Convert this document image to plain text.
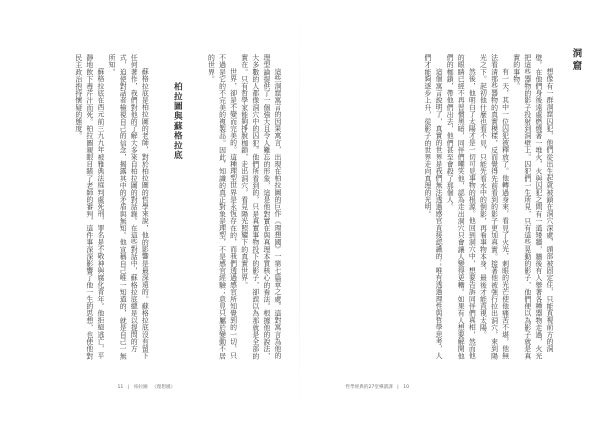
這些洞窟寓言的因果寓言，出現在柏拉圖的巨作《理想國》一第七篇章之處。這對寓言為他的理型論提供了一個強大且令人難忘的形象，這是他對實在與真理本質核心的看法。根據他的說法，大多數的人都像洞穴中的囚犯。他們所看到的，只是真實事物投下的影子，卻誤以為那就是全部的實在。只有哲學家能夠掙脫枷鎖，走出洞穴，看見陽光照耀下的真實世界。

世界，卻是不變而完美的。這種理型世界是永恆存在的，而我們透過感官所知覺到的一切，只不過是它的不完美的複製品。因此，知識的真正對象是理型，不是感官經驗；意見只屬於變動不居的世界。

柏拉圖與蘇格拉底

蘇格拉底是柏拉圖的老師，對於柏拉圖的哲學來說，他的影響是最深遠的。蘇格拉底沒有留下任何著作，我們對他的了解大多來自柏拉圖的對話錄。在這些對話中，蘇格拉底總是以提問的方式，迫使對話者檢視自己的信念，揭露其中的矛盾與無知。他宣稱自己唯一知道的，就是自己一無所知。

蘇格拉底在西元前三九九年被雅典法庭判處死刑，罪名是不敬神與腐化青年。他拒絕逃亡，平靜地飲下毒芹汁而死。柏拉圖親眼目睹了老師的審判，這件事深深影響了他一生的思想，也使他對民主政治抱持懷疑的態度。

11 | 柏拉圖 《理想國》
洞窟

想像有一群洞窟囚犯，他們從出生起就被鎖在洞穴深處，頭部被固定住，只能直視前方的洞壁。在他們身後遠處燃燒著一堆火，火與囚犯之間有一道矮牆，牆後有人舉著各種器物走過，火光把這些器物的影子投射到洞壁上。囚犯們一生所見，只有這些晃動的影子，他們便以為影子就是真實的事物。

有一天，其中一位囚犯被釋放了。他轉過身來，看見了火光，刺眼的光芒使他痛苦不堪，他無法看清那些器物的真實模樣，反而覺得先前看到的影子更加真實。接著他被強行拉出洞穴，來到陽光之下。起初他什麼也看不見，只能先看水中的倒影，再看事物本身，最後才能直視太陽。

然後，他明白了太陽才是一切可見事物的根源。他回到洞穴中，想要告訴同伴們真相，然而他的眼睛已經不再習慣黑暗，同伴們嘲笑他，認為走出洞穴只會讓人變得更糟。如果有人想要解開他們的枷鎖，帶他們出去，他們甚至會殺了那個人。

這個寓言說明了，真實的世界是我們無法透過感官直接認識的；唯有透過理性與哲學思考，人們才能夠逐步上升，從影子的世界走向真理的光明。

哲學經典的27堂導讀課 | 10
